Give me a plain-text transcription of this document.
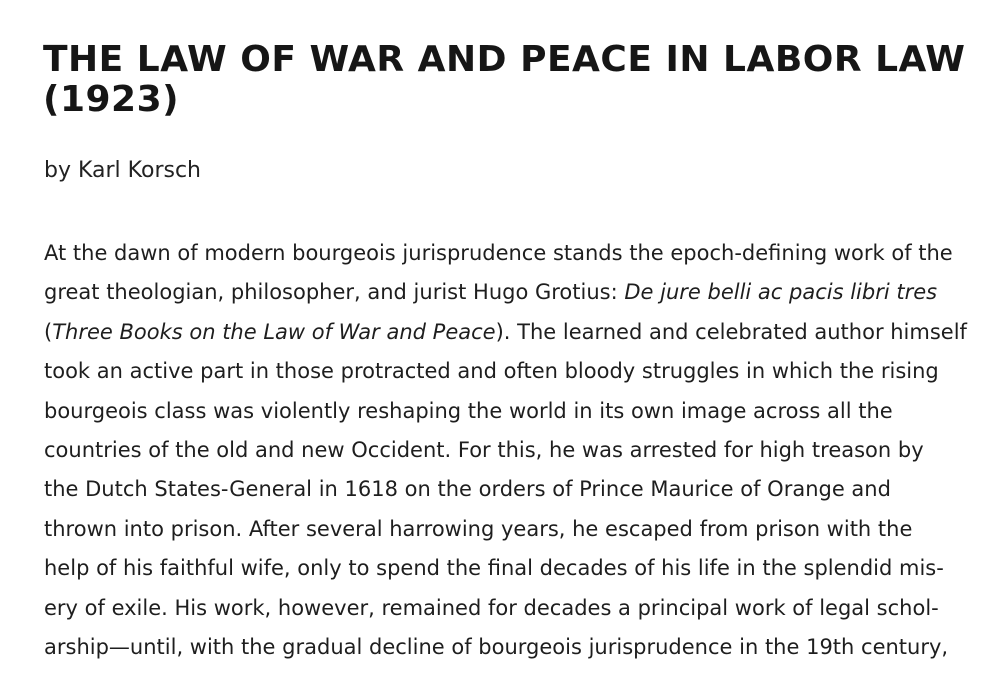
THE LAW OF WAR AND PEACE IN LABOR LAW
(1923)

by Karl Korsch

At the dawn of modern bourgeois jurisprudence stands the epoch-defining work of the
great theologian, philosopher, and jurist Hugo Grotius: De jure belli ac pacis libri tres
(Three Books on the Law of War and Peace). The learned and celebrated author himself
took an active part in those protracted and often bloody struggles in which the rising
bourgeois class was violently reshaping the world in its own image across all the
countries of the old and new Occident. For this, he was arrested for high treason by
the Dutch States-General in 1618 on the orders of Prince Maurice of Orange and
thrown into prison. After several harrowing years, he escaped from prison with the
help of his faithful wife, only to spend the final decades of his life in the splendid mis-
ery of exile. His work, however, remained for decades a principal work of legal schol-
arship—until, with the gradual decline of bourgeois jurisprudence in the 19th century,
